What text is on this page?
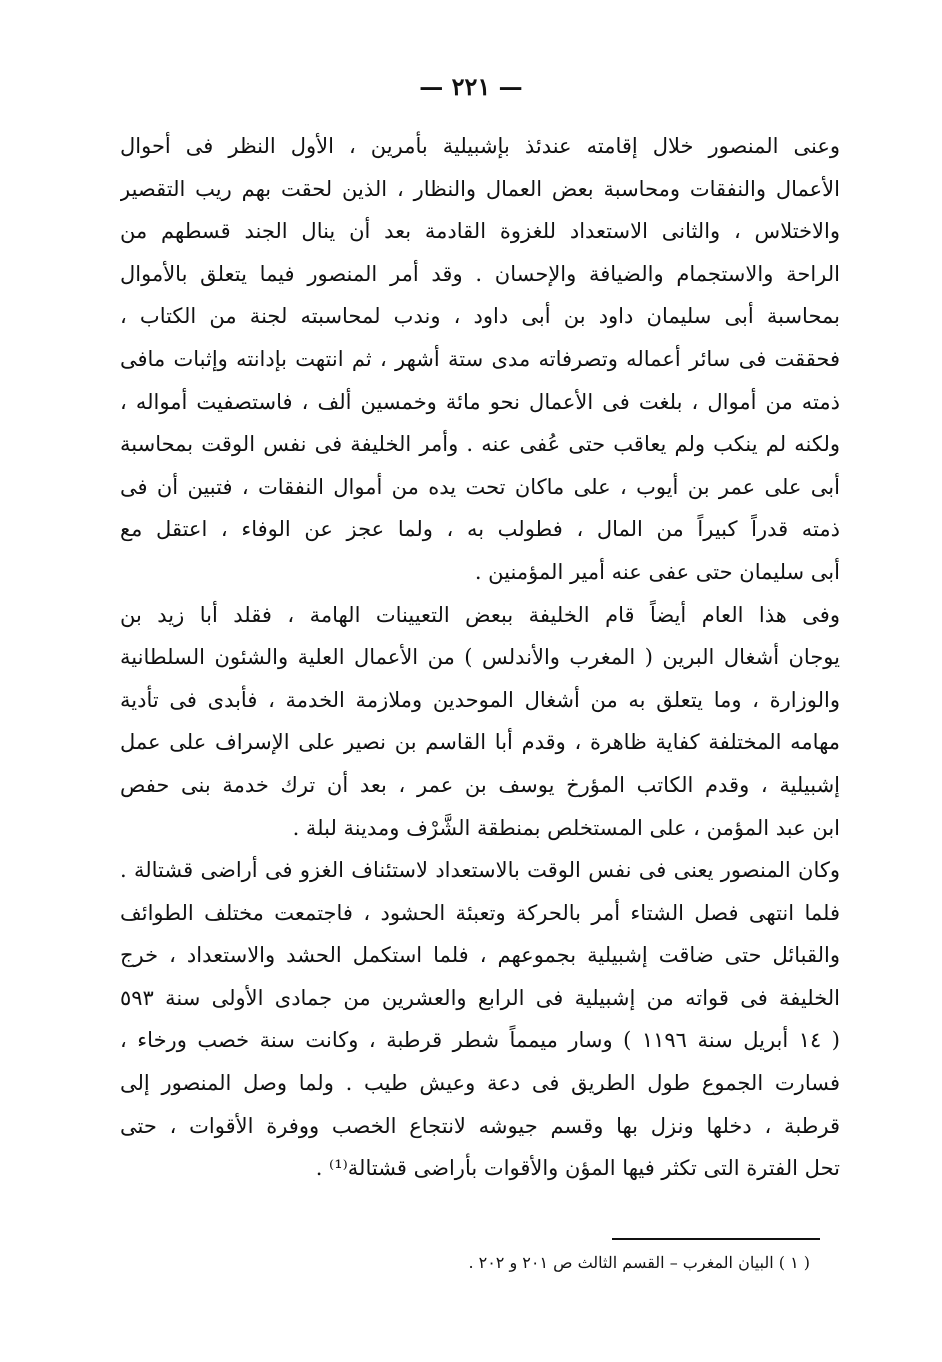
— ٢٢١ —
وعنى المنصور خلال إقامته عندئذ بإشبيلية بأمرين ، الأول النظر فى أحوال
الأعمال والنفقات ومحاسبة بعض العمال والنظار ، الذين لحقت بهم ريب التقصير
والاختلاس ، والثانى الاستعداد للغزوة القادمة بعد أن ينال الجند قسطهم من
الراحة والاستجمام والضيافة والإحسان . وقد أمر المنصور فيما يتعلق بالأموال
بمحاسبة أبى سليمان داود بن أبى داود ، وندب لمحاسبته لجنة من الكتاب ،
فحققت فى سائر أعماله وتصرفاته مدى ستة أشهر ، ثم انتهت بإدانته وإثبات مافى
ذمته من أموال ، بلغت فى الأعمال نحو مائة وخمسين ألف ، فاستصفيت أمواله ،
ولكنه لم ينكب ولم يعاقب حتى عُفى عنه . وأمر الخليفة فى نفس الوقت بمحاسبة
أبى على عمر بن أيوب ، على ماكان تحت يده من أموال النفقات ، فتبين أن فى
ذمته قدراً كبيراً من المال ، فطولب به ، ولما عجز عن الوفاء ، اعتقل مع
أبى سليمان حتى عفى عنه أمير المؤمنين .
وفى هذا العام أيضاً قام الخليفة ببعض التعيينات الهامة ، فقلد أبا زيد بن
يوجان أشغال البرين ( المغرب والأندلس ) من الأعمال العلية والشئون السلطانية
والوزارة ، وما يتعلق به من أشغال الموحدين وملازمة الخدمة ، فأبدى فى تأدية
مهامه المختلفة كفاية ظاهرة ، وقدم أبا القاسم بن نصير على الإسراف على عمل
إشبيلية ، وقدم الكاتب المؤرخ يوسف بن عمر ، بعد أن ترك خدمة بنى حفص
ابن عبد المؤمن ، على المستخلص بمنطقة الشَّرْف ومدينة لبلة .
وكان المنصور يعنى فى نفس الوقت بالاستعداد لاستئناف الغزو فى أراضى قشتالة .
فلما انتهى فصل الشتاء أمر بالحركة وتعبئة الحشود ، فاجتمعت مختلف الطوائف
والقبائل حتى ضاقت إشبيلية بجموعهم ، فلما استكمل الحشد والاستعداد ، خرج
الخليفة فى قواته من إشبيلية فى الرابع والعشرين من جمادى الأولى سنة ٥٩٣
( ١٤ أبريل سنة ١١٩٦ ) وسار ميمماً شطر قرطبة ، وكانت سنة خصب ورخاء ،
فسارت الجموع طول الطريق فى دعة وعيش طيب . ولما وصل المنصور إلى
قرطبة ، دخلها ونزل بها وقسم جيوشه لانتجاع الخصب ووفرة الأقوات ، حتى
تحل الفترة التى تكثر فيها المؤن والأقوات بأراضى قشتالة⁽¹⁾ .
( ١ ) البيان المغرب – القسم الثالث ص ٢٠١ و ٢٠٢ .
